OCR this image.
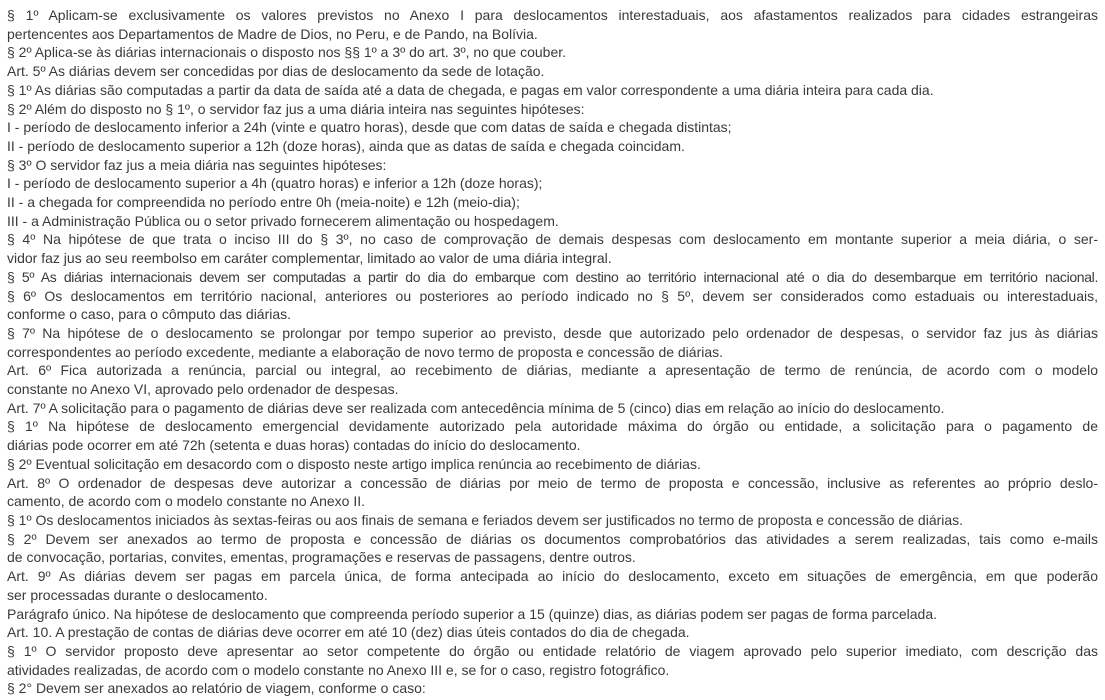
§ 1º Aplicam-se exclusivamente os valores previstos no Anexo I para deslocamentos interestaduais, aos afastamentos realizados para cidades estrangeiras
pertencentes aos Departamentos de Madre de Dios, no Peru, e de Pando, na Bolívia.
§ 2º Aplica-se às diárias internacionais o disposto nos §§ 1º a 3º do art. 3º, no que couber.
Art. 5º As diárias devem ser concedidas por dias de deslocamento da sede de lotação.
§ 1º As diárias são computadas a partir da data de saída até a data de chegada, e pagas em valor correspondente a uma diária inteira para cada dia.
§ 2º Além do disposto no § 1º, o servidor faz jus a uma diária inteira nas seguintes hipóteses:
I - período de deslocamento inferior a 24h (vinte e quatro horas), desde que com datas de saída e chegada distintas;
II - período de deslocamento superior a 12h (doze horas), ainda que as datas de saída e chegada coincidam.
§ 3º O servidor faz jus a meia diária nas seguintes hipóteses:
I - período de deslocamento superior a 4h (quatro horas) e inferior a 12h (doze horas);
II - a chegada for compreendida no período entre 0h (meia-noite) e 12h (meio-dia);
III - a Administração Pública ou o setor privado fornecerem alimentação ou hospedagem.
§ 4º Na hipótese de que trata o inciso III do § 3º, no caso de comprovação de demais despesas com deslocamento em montante superior a meia diária, o ser-
vidor faz jus ao seu reembolso em caráter complementar, limitado ao valor de uma diária integral.
§ 5º As diárias internacionais devem ser computadas a partir do dia do embarque com destino ao território internacional até o dia do desembarque em território nacional.
§ 6º Os deslocamentos em território nacional, anteriores ou posteriores ao período indicado no § 5º, devem ser considerados como estaduais ou interestaduais,
conforme o caso, para o cômputo das diárias.
§ 7º Na hipótese de o deslocamento se prolongar por tempo superior ao previsto, desde que autorizado pelo ordenador de despesas, o servidor faz jus às diárias
correspondentes ao período excedente, mediante a elaboração de novo termo de proposta e concessão de diárias.
Art. 6º Fica autorizada a renúncia, parcial ou integral, ao recebimento de diárias, mediante a apresentação de termo de renúncia, de acordo com o modelo
constante no Anexo VI, aprovado pelo ordenador de despesas.
Art. 7º A solicitação para o pagamento de diárias deve ser realizada com antecedência mínima de 5 (cinco) dias em relação ao início do deslocamento.
§ 1º Na hipótese de deslocamento emergencial devidamente autorizado pela autoridade máxima do órgão ou entidade, a solicitação para o pagamento de
diárias pode ocorrer em até 72h (setenta e duas horas) contadas do início do deslocamento.
§ 2º Eventual solicitação em desacordo com o disposto neste artigo implica renúncia ao recebimento de diárias.
Art. 8º O ordenador de despesas deve autorizar a concessão de diárias por meio de termo de proposta e concessão, inclusive as referentes ao próprio deslo-
camento, de acordo com o modelo constante no Anexo II.
§ 1º Os deslocamentos iniciados às sextas-feiras ou aos finais de semana e feriados devem ser justificados no termo de proposta e concessão de diárias.
§ 2º Devem ser anexados ao termo de proposta e concessão de diárias os documentos comprobatórios das atividades a serem realizadas, tais como e-mails
de convocação, portarias, convites, ementas, programações e reservas de passagens, dentre outros.
Art. 9º As diárias devem ser pagas em parcela única, de forma antecipada ao início do deslocamento, exceto em situações de emergência, em que poderão
ser processadas durante o deslocamento.
Parágrafo único. Na hipótese de deslocamento que compreenda período superior a 15 (quinze) dias, as diárias podem ser pagas de forma parcelada.
Art. 10. A prestação de contas de diárias deve ocorrer em até 10 (dez) dias úteis contados do dia de chegada.
§ 1º O servidor proposto deve apresentar ao setor competente do órgão ou entidade relatório de viagem aprovado pelo superior imediato, com descrição das
atividades realizadas, de acordo com o modelo constante no Anexo III e, se for o caso, registro fotográfico.
§ 2° Devem ser anexados ao relatório de viagem, conforme o caso:
